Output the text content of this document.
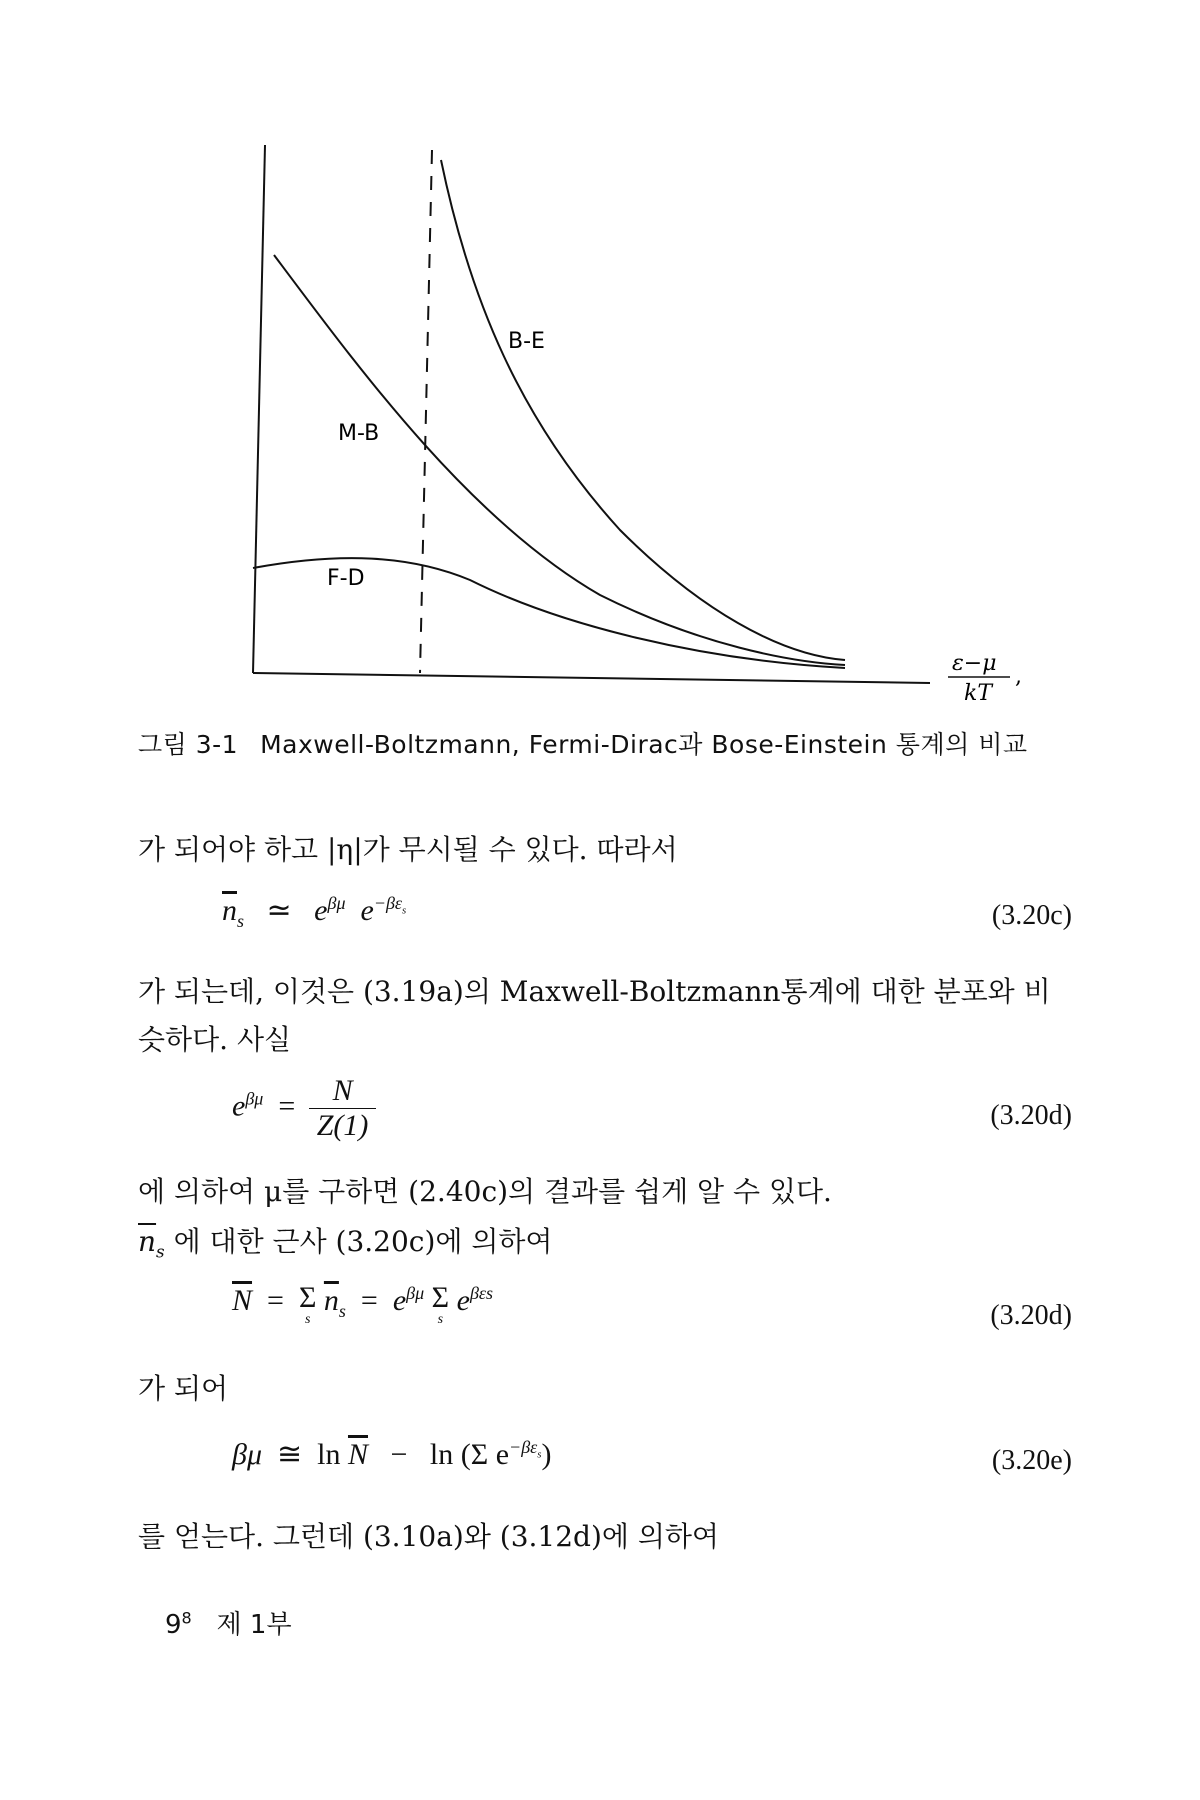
B-E
M-B
F-D
ε−μ
kT
,
그림 3-1 Maxwell-Boltzmann, Fermi-Dirac과 Bose-Einstein 통계의 비교
가 되어야 하고 |η|가 무시될 수 있다. 따라서
$\overline{n}_s$ ≃ $e^{\beta\mu}$ $e^{-\beta\varepsilon_s}$	(3.20c)
가 되는데, 이것은 (3.19a)의 Maxwell-Boltzmann통계에 대한 분포와 비
슷하다. 사실
$e^{\beta\mu} = \frac{N}{Z(1)}$	(3.20d)
에 의하여 μ를 구하면 (2.40c)의 결과를 쉽게 알 수 있다.
$\overline{n}_s$ 에 대한 근사 (3.20c)에 의하여
$\overline{N} = \Sigma$
s
$\overline{n}_s = e^{\beta\mu}$ Σ
s
$e^{\beta\varepsilon s}$
(3.20d)
가 되어
βμ ≅ $\ln \overline{N} - \ln (\Sigma$ $e^{-\beta\varepsilon_s}$)	(3.20e)
를 얻는다. 그런데 (3.10a)와 (3.12d)에 의하여
$9^8$ 제 1부
